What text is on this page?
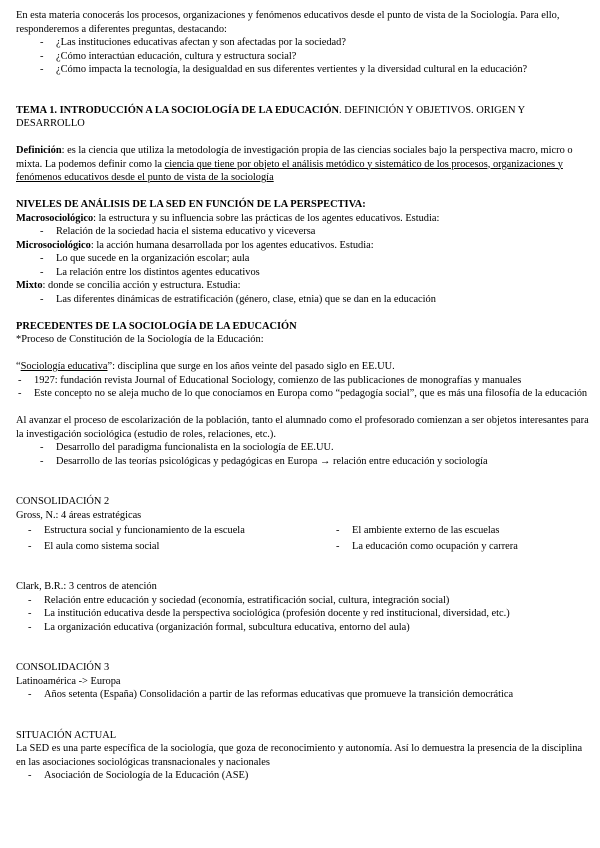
En esta materia conocerás los procesos, organizaciones y fenómenos educativos desde el punto de vista de la Sociología. Para ello, responderemos a diferentes preguntas, destacando:
-	¿Las instituciones educativas afectan y son afectadas por la sociedad?
-	¿Cómo interactúan educación, cultura y estructura social?
-	¿Cómo impacta la tecnología, la desigualdad en sus diferentes vertientes y la diversidad cultural en la educación?
TEMA 1. INTRODUCCIÓN A LA SOCIOLOGÍA DE LA EDUCACIÓN. DEFINICIÓN Y OBJETIVOS. ORIGEN Y DESARROLLO
Definición: es la ciencia que utiliza la metodología de investigación propia de las ciencias sociales bajo la perspectiva macro, micro o mixta. La podemos definir como la ciencia que tiene por objeto el análisis metódico y sistemático de los procesos, organizaciones y fenómenos educativos desde el punto de vista de la sociología
NIVELES DE ANÁLISIS DE LA SED EN FUNCIÓN DE LA PERSPECTIVA:
Macrosociológico: la estructura y su influencia sobre las prácticas de los agentes educativos. Estudia:
-	Relación de la sociedad hacia el sistema educativo y viceversa
Microsociológico: la acción humana desarrollada por los agentes educativos. Estudia:
-	Lo que sucede en la organización escolar; aula
-	La relación entre los distintos agentes educativos
Mixto: donde se concilia acción y estructura. Estudia:
-	Las diferentes dinámicas de estratificación (género, clase, etnia) que se dan en la educación
PRECEDENTES DE LA SOCIOLOGÍA DE LA EDUCACIÓN
*Proceso de Constitución de la Sociología de la Educación:
“Sociología educativa”: disciplina que surge en los años veinte del pasado siglo en EE.UU.
-	1927: fundación revista Journal of Educational Sociology, comienzo de las publicaciones de monografías y manuales
-	Este concepto no se aleja mucho de lo que conocíamos en Europa como “pedagogía social”, que es más una filosofía de la educación
Al avanzar el proceso de escolarización de la población, tanto el alumnado como el profesorado comienzan a ser objetos interesantes para la investigación sociológica (estudio de roles, relaciones, etc.).
-	Desarrollo del paradigma funcionalista en la sociología de EE.UU.
-	Desarrollo de las teorías psicológicas y pedagógicas en Europa → relación entre educación y sociología
CONSOLIDACIÓN 2
Gross, N.: 4 áreas estratégicas
-	Estructura social y funcionamiento de la escuela	-	El ambiente externo de las escuelas
-	El aula como sistema social	-	La educación como ocupación y carrera
Clark, B.R.: 3 centros de atención
-	Relación entre educación y sociedad (economía, estratificación social, cultura, integración social)
-	La institución educativa desde la perspectiva sociológica (profesión docente y red institucional, diversidad, etc.)
-	La organización educativa (organización formal, subcultura educativa, entorno del aula)
CONSOLIDACIÓN 3
Latinoamérica -> Europa
-	Años setenta (España) Consolidación a partir de las reformas educativas que promueve la transición democrática
SITUACIÓN ACTUAL
La SED es una parte específica de la sociología, que goza de reconocimiento y autonomía. Así lo demuestra la presencia de la disciplina en las asociaciones sociológicas transnacionales y nacionales
-	Asociación de Sociología de la Educación (ASE)
